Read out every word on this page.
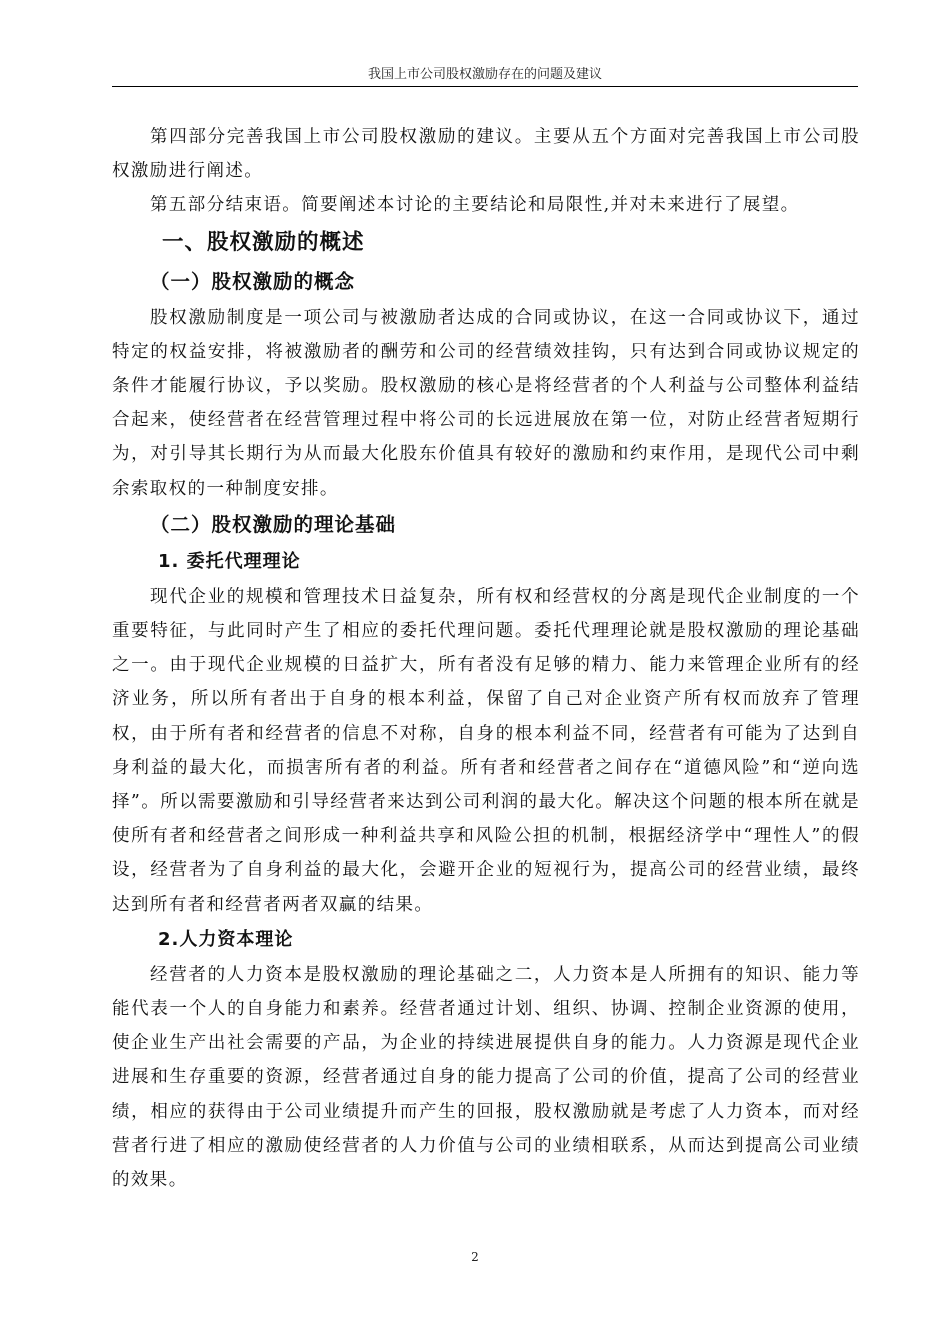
我国上市公司股权激励存在的问题及建议

第四部分完善我国上市公司股权激励的建议。主要从五个方面对完善我国上市公司股权激励进行阐述。

第五部分结束语。简要阐述本讨论的主要结论和局限性,并对未来进行了展望。

一、股权激励的概述
（一）股权激励的概念

股权激励制度是一项公司与被激励者达成的合同或协议，在这一合同或协议下，通过特定的权益安排，将被激励者的酬劳和公司的经营绩效挂钩，只有达到合同或协议规定的条件才能履行协议，予以奖励。股权激励的核心是将经营者的个人利益与公司整体利益结合起来，使经营者在经营管理过程中将公司的长远进展放在第一位，对防止经营者短期行为，对引导其长期行为从而最大化股东价值具有较好的激励和约束作用，是现代公司中剩余索取权的一种制度安排。

（二）股权激励的理论基础
1. 委托代理理论

现代企业的规模和管理技术日益复杂，所有权和经营权的分离是现代企业制度的一个重要特征，与此同时产生了相应的委托代理问题。委托代理理论就是股权激励的理论基础之一。由于现代企业规模的日益扩大，所有者没有足够的精力、能力来管理企业所有的经济业务，所以所有者出于自身的根本利益，保留了自己对企业资产所有权而放弃了管理权，由于所有者和经营者的信息不对称，自身的根本利益不同，经营者有可能为了达到自身利益的最大化，而损害所有者的利益。所有者和经营者之间存在“道德风险”和“逆向选择”。所以需要激励和引导经营者来达到公司利润的最大化。解决这个问题的根本所在就是使所有者和经营者之间形成一种利益共享和风险公担的机制，根据经济学中“理性人”的假设，经营者为了自身利益的最大化，会避开企业的短视行为，提高公司的经营业绩，最终达到所有者和经营者两者双赢的结果。

2.人力资本理论

经营者的人力资本是股权激励的理论基础之二，人力资本是人所拥有的知识、能力等能代表一个人的自身能力和素养。经营者通过计划、组织、协调、控制企业资源的使用，使企业生产出社会需要的产品，为企业的持续进展提供自身的能力。人力资源是现代企业进展和生存重要的资源，经营者通过自身的能力提高了公司的价值，提高了公司的经营业绩，相应的获得由于公司业绩提升而产生的回报，股权激励就是考虑了人力资本，而对经营者行进了相应的激励使经营者的人力价值与公司的业绩相联系，从而达到提高公司业绩的效果。

2
